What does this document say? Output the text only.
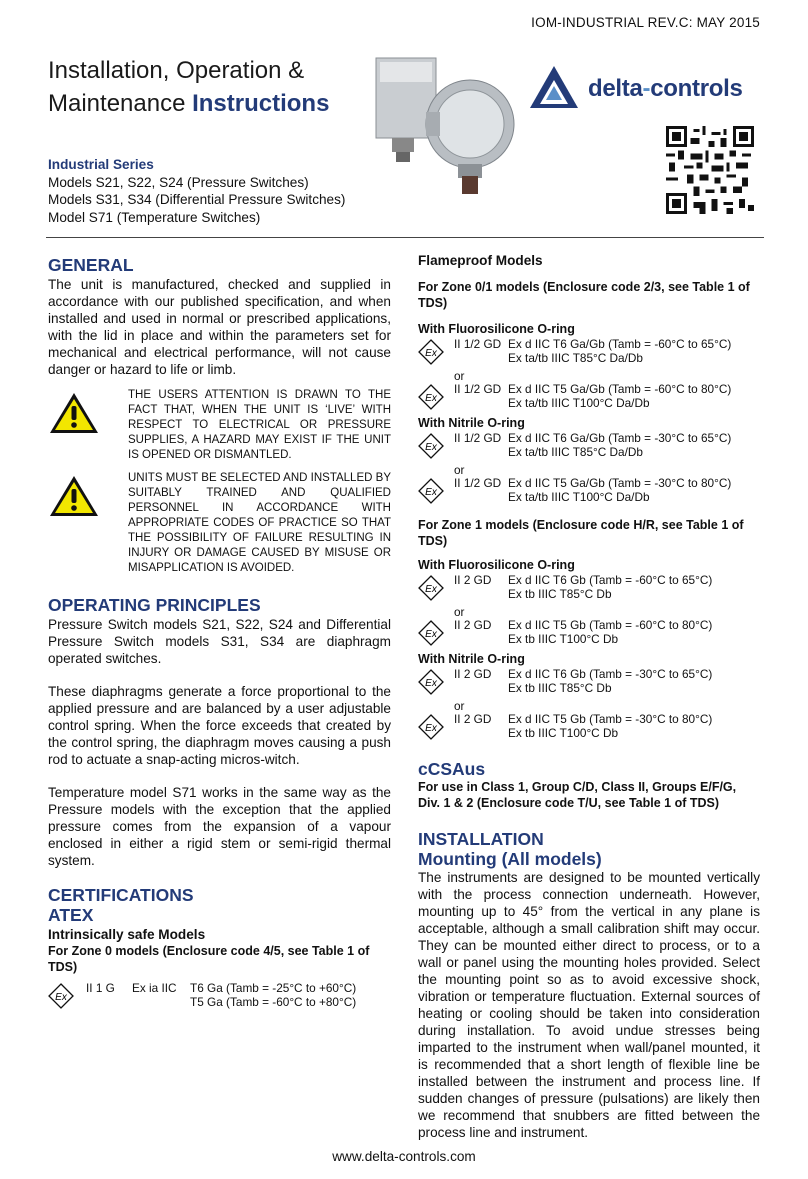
IOM-INDUSTRIAL REV.C: MAY 2015
Installation, Operation &
Maintenance Instructions
delta-controls
Industrial Series
Models S21, S22, S24 (Pressure Switches)
Models S31, S34 (Differential Pressure Switches)
Model S71 (Temperature Switches)
GENERAL

The unit is manufactured, checked and supplied in accordance with our published specification, and when installed and used in normal or prescribed applications, with the lid in place and within the parameters set for mechanical and electrical performance, will not cause danger or hazard to life or limb.

THE USERS ATTENTION IS DRAWN TO THE FACT THAT, WHEN THE UNIT IS ‘LIVE’ WITH RESPECT TO ELECTRICAL OR PRESSURE SUPPLIES, A HAZARD MAY EXIST IF THE UNIT IS OPENED OR DISMANTLED.
UNITS MUST BE SELECTED AND INSTALLED BY SUITABLY TRAINED AND QUALIFIED PERSONNEL IN ACCORDANCE WITH APPROPRIATE CODES OF PRACTICE SO THAT THE POSSIBILITY OF FAILURE RESULTING IN INJURY OR DAMAGE CAUSED BY MISUSE OR MISAPPLICATION IS AVOIDED.
OPERATING PRINCIPLES

Pressure Switch models S21, S22, S24 and Differential Pressure Switch models S31, S34 are diaphragm operated switches.

These diaphragms generate a force proportional to the applied pressure and are balanced by a user adjustable control spring. When the force exceeds that created by the control spring, the diaphragm moves causing a push rod to actuate a snap-acting micros-witch.

Temperature model S71 works in the same way as the Pressure models with the exception that the applied pressure comes from the expansion of a vapour enclosed in either a rigid stem or semi-rigid thermal system.

CERTIFICATIONS
ATEX
Intrinsically safe Models
For Zone 0 models (Enclosure code 4/5, see Table 1 of TDS)
Ex
II 1 G	Ex ia IIC	T6 Ga (Tamb = -25°C to +60°C)
T5 Ga (Tamb = -60°C to +80°C)
Flameproof Models
For Zone 0/1 models (Enclosure code 2/3, see Table 1 of TDS)
With Fluorosilicone O-ring
Ex
II 1/2 GD Ex d IIC T6 Ga/Gb (Tamb = -60°C to 65°C)
Ex ta/tb IIIC T85°C Da/Db
or
Ex
II 1/2 GD Ex d IIC T5 Ga/Gb (Tamb = -60°C to 80°C)
Ex ta/tb IIIC T100°C Da/Db
With Nitrile O-ring
Ex
II 1/2 GD Ex d IIC T6 Ga/Gb (Tamb = -30°C to 65°C)
Ex ta/tb IIIC T85°C Da/Db
or
Ex
II 1/2 GD Ex d IIC T5 Ga/Gb (Tamb = -30°C to 80°C)
Ex ta/tb IIIC T100°C Da/Db
For Zone 1 models (Enclosure code H/R, see Table 1 of TDS)
With Fluorosilicone O-ring
Ex
II 2 GD	Ex d IIC T6 Gb (Tamb = -60°C to 65°C)
Ex tb IIIC T85°C Db
or
Ex
II 2 GD	Ex d IIC T5 Gb (Tamb = -60°C to 80°C)
Ex tb IIIC T100°C Db
With Nitrile O-ring
Ex
II 2 GD	Ex d IIC T6 Gb (Tamb = -30°C to 65°C)
Ex tb IIIC T85°C Db
or
Ex
II 2 GD	Ex d IIC T5 Gb (Tamb = -30°C to 80°C)
Ex tb IIIC T100°C Db
cCSAus
For use in Class 1, Group C/D, Class II, Groups E/F/G, Div. 1 & 2 (Enclosure code T/U, see Table 1 of TDS)
INSTALLATION
Mounting (All models)

The instruments are designed to be mounted vertically with the process connection underneath. However, mounting up to 45° from the vertical in any plane is acceptable, although a small calibration shift may occur. They can be mounted either direct to process, or to a wall or panel using the mounting holes provided. Select the mounting point so as to avoid excessive shock, vibration or temperature fluctuation. External sources of heating or cooling should be taken into consideration during installation. To avoid undue stresses being imparted to the instrument when wall/panel mounted, it is recommended that a short length of flexible line be installed between the instrument and process line. If sudden changes of pressure (pulsations) are likely then we recommend that snubbers are fitted between the process line and instrument.

www.delta-controls.com
